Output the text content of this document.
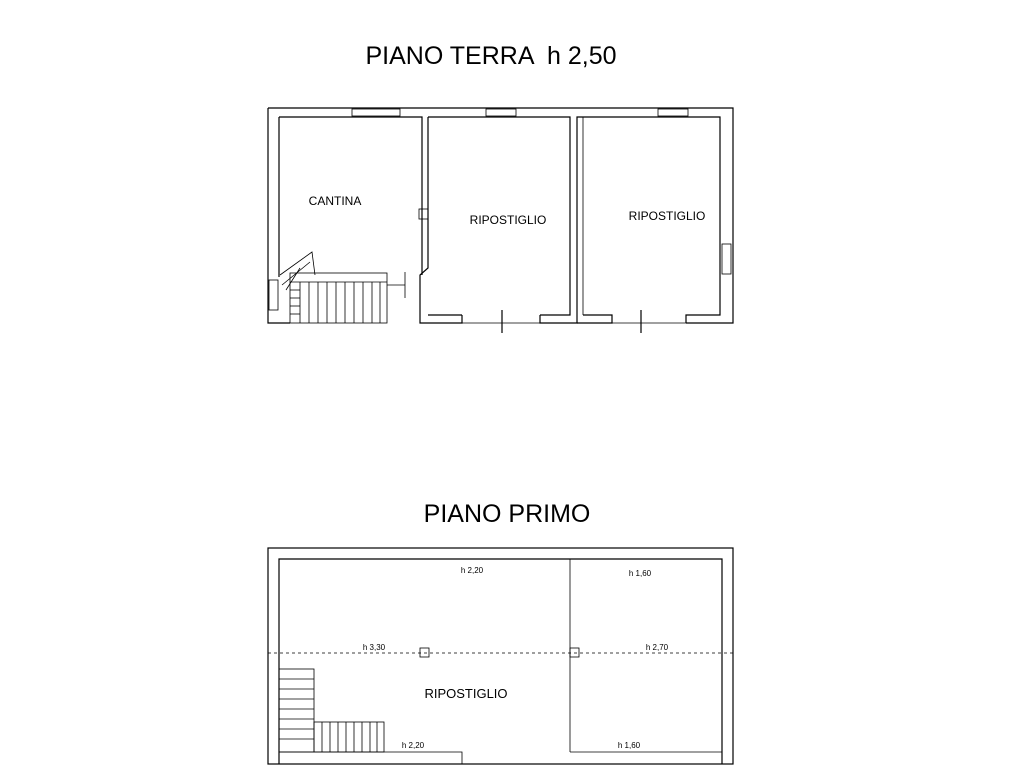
PIANO TERRA  h 2,50
CANTINA
RIPOSTIGLIO	RIPOSTIGLIO
PIANO PRIMO
RIPOSTIGLIO
h 2,20	h 1,60
h 3,30	h 2,70
h 2,20	h 1,60
